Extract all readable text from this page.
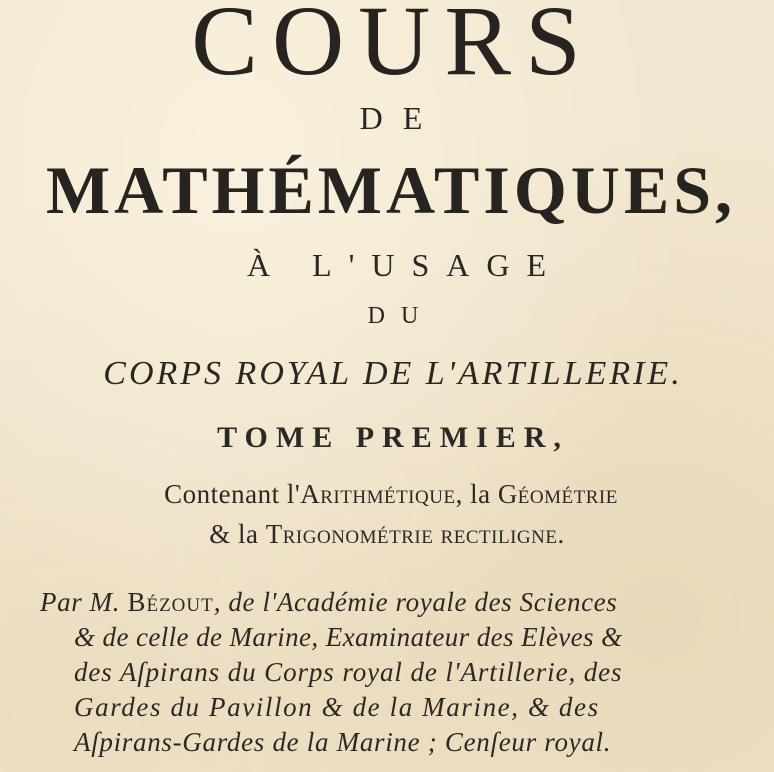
COURS

DE

MATHÉMATIQUES,

À L'USAGE

DU

CORPS ROYAL DE L'ARTILLERIE.

TOME PREMIER,

Contenant l'Arithmétique, la Géométrie

& la Trigonométrie rectiligne.

Par M. Bézout, de l'Académie royale des Sciences

& de celle de Marine, Examinateur des Elèves &

des Aſpirans du Corps royal de l'Artillerie, des

Gardes du Pavillon & de la Marine, & des

Aſpirans-Gardes de la Marine ; Cenſeur royal.
